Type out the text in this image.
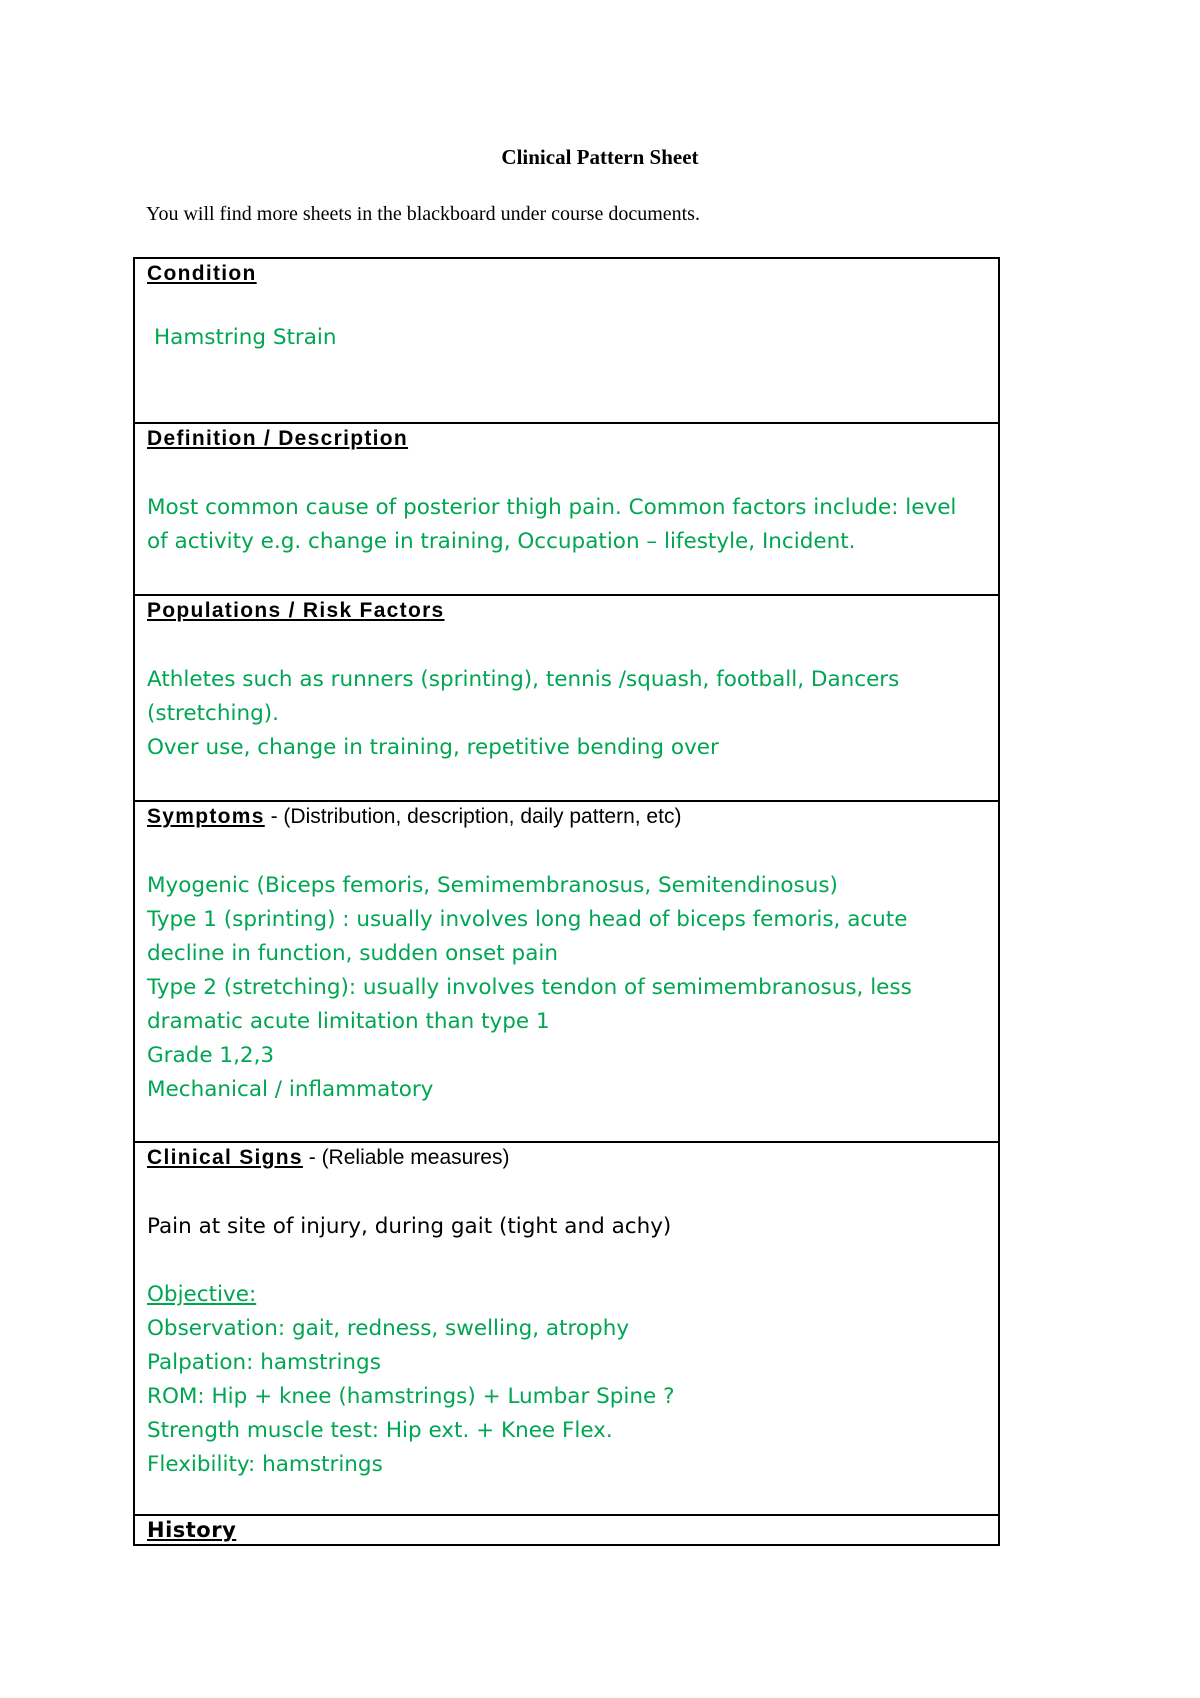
Clinical Pattern Sheet
You will find more sheets in the blackboard under course documents.
Condition
Hamstring Strain
Definition / Description
Most common cause of posterior thigh pain. Common factors include: level
of activity e.g. change in training, Occupation – lifestyle, Incident.
Populations / Risk Factors
Athletes such as runners (sprinting), tennis /squash, football, Dancers
(stretching).
Over use, change in training, repetitive bending over
Symptoms - (Distribution, description, daily pattern, etc)
Myogenic (Biceps femoris, Semimembranosus, Semitendinosus)
Type 1 (sprinting) : usually involves long head of biceps femoris, acute
decline in function, sudden onset pain
Type 2 (stretching): usually involves tendon of semimembranosus, less
dramatic acute limitation than type 1
Grade 1,2,3
Mechanical / inflammatory
Clinical Signs - (Reliable measures)
Pain at site of injury, during gait (tight and achy)
Objective:
Observation: gait, redness, swelling, atrophy
Palpation: hamstrings
ROM: Hip + knee (hamstrings) + Lumbar Spine ?
Strength muscle test: Hip ext. + Knee Flex.
Flexibility: hamstrings
History
